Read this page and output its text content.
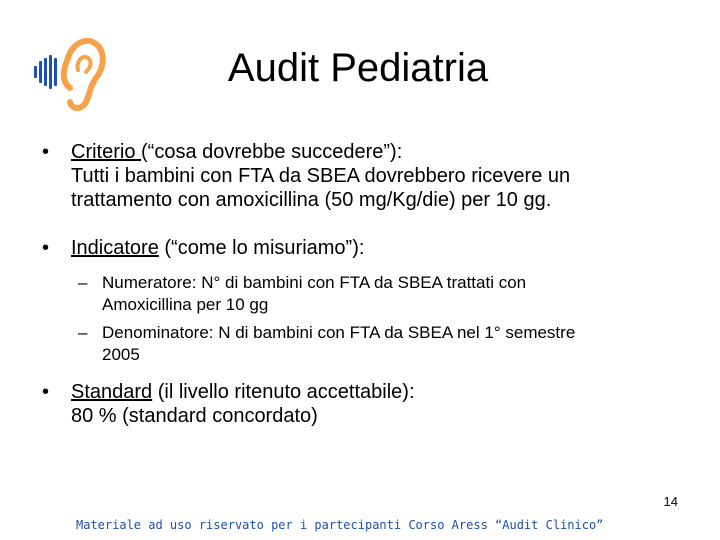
Audit Pediatria
•	Criterio (“cosa dovrebbe succedere”):
Tutti i bambini con FTA da SBEA dovrebbero ricevere un
trattamento con amoxicillina (50 mg/Kg/die) per 10 gg.
•	Indicatore (“come lo misuriamo”):
– Numeratore: N° di bambini con FTA da SBEA trattati con
Amoxicillina per 10 gg
– Denominatore: N di bambini con FTA da SBEA nel 1° semestre
2005
•	Standard (il livello ritenuto accettabile):
80 % (standard concordato)
14
Materiale ad uso riservato per i partecipanti Corso Aress “Audit Clinico”
